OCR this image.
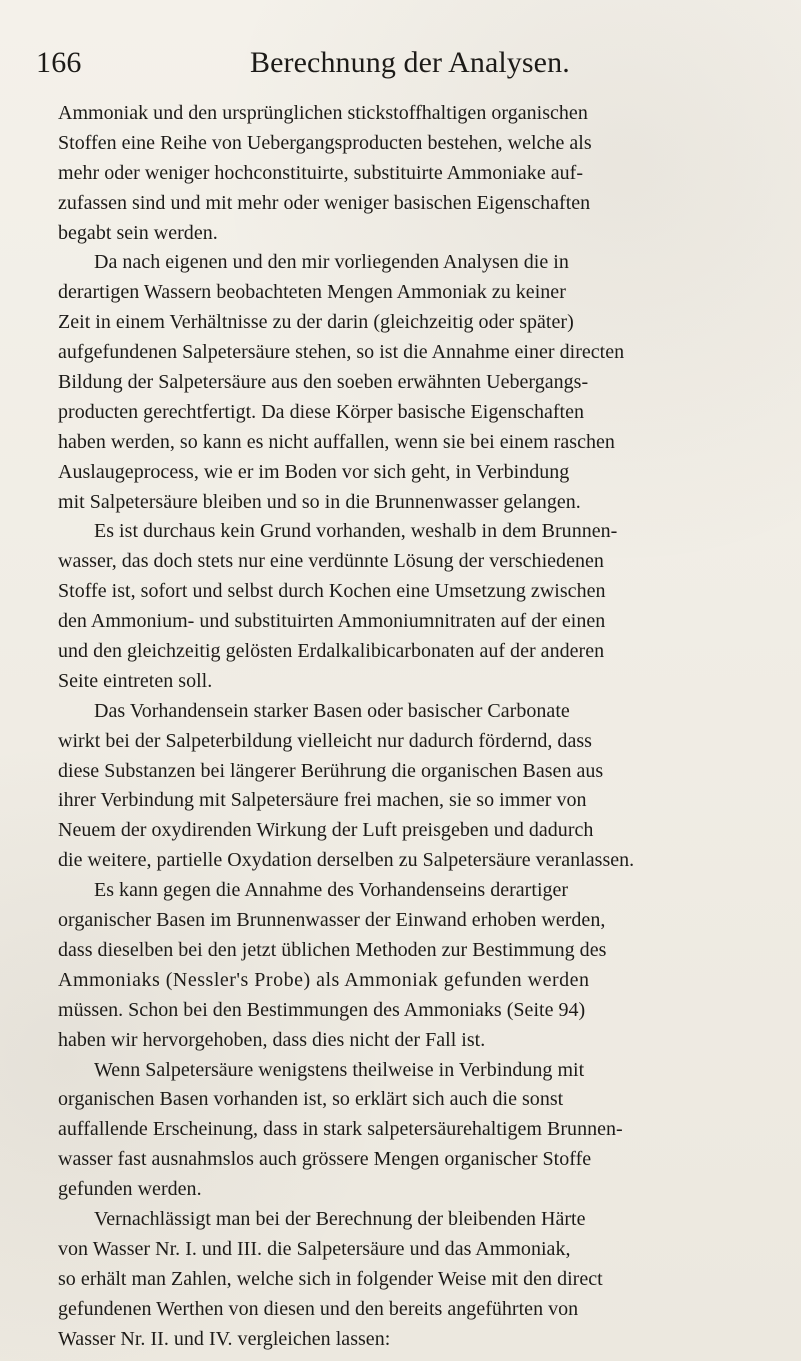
166	Berechnung der Analysen.
Ammoniak und den ursprünglichen stickstoffhaltigen organischen
Stoffen eine Reihe von Uebergangsproducten bestehen, welche als
mehr oder weniger hochconstituirte, substituirte Ammoniake auf-
zufassen sind und mit mehr oder weniger basischen Eigenschaften
begabt sein werden.
Da nach eigenen und den mir vorliegenden Analysen die in
derartigen Wassern beobachteten Mengen Ammoniak zu keiner
Zeit in einem Verhältnisse zu der darin (gleichzeitig oder später)
aufgefundenen Salpetersäure stehen, so ist die Annahme einer directen
Bildung der Salpetersäure aus den soeben erwähnten Uebergangs-
producten gerechtfertigt. Da diese Körper basische Eigenschaften
haben werden, so kann es nicht auffallen, wenn sie bei einem raschen
Auslaugeprocess, wie er im Boden vor sich geht, in Verbindung
mit Salpetersäure bleiben und so in die Brunnenwasser gelangen.
Es ist durchaus kein Grund vorhanden, weshalb in dem Brunnen-
wasser, das doch stets nur eine verdünnte Lösung der verschiedenen
Stoffe ist, sofort und selbst durch Kochen eine Umsetzung zwischen
den Ammonium- und substituirten Ammoniumnitraten auf der einen
und den gleichzeitig gelösten Erdalkalibicarbonaten auf der anderen
Seite eintreten soll.
Das Vorhandensein starker Basen oder basischer Carbonate
wirkt bei der Salpeterbildung vielleicht nur dadurch fördernd, dass
diese Substanzen bei längerer Berührung die organischen Basen aus
ihrer Verbindung mit Salpetersäure frei machen, sie so immer von
Neuem der oxydirenden Wirkung der Luft preisgeben und dadurch
die weitere, partielle Oxydation derselben zu Salpetersäure veranlassen.
Es kann gegen die Annahme des Vorhandenseins derartiger
organischer Basen im Brunnenwasser der Einwand erhoben werden,
dass dieselben bei den jetzt üblichen Methoden zur Bestimmung des
Ammoniaks (Nessler's Probe) als Ammoniak gefunden werden
müssen. Schon bei den Bestimmungen des Ammoniaks (Seite 94)
haben wir hervorgehoben, dass dies nicht der Fall ist.
Wenn Salpetersäure wenigstens theilweise in Verbindung mit
organischen Basen vorhanden ist, so erklärt sich auch die sonst
auffallende Erscheinung, dass in stark salpetersäurehaltigem Brunnen-
wasser fast ausnahmslos auch grössere Mengen organischer Stoffe
gefunden werden.
Vernachlässigt man bei der Berechnung der bleibenden Härte
von Wasser Nr. I. und III. die Salpetersäure und das Ammoniak,
so erhält man Zahlen, welche sich in folgender Weise mit den direct
gefundenen Werthen von diesen und den bereits angeführten von
Wasser Nr. II. und IV. vergleichen lassen:
